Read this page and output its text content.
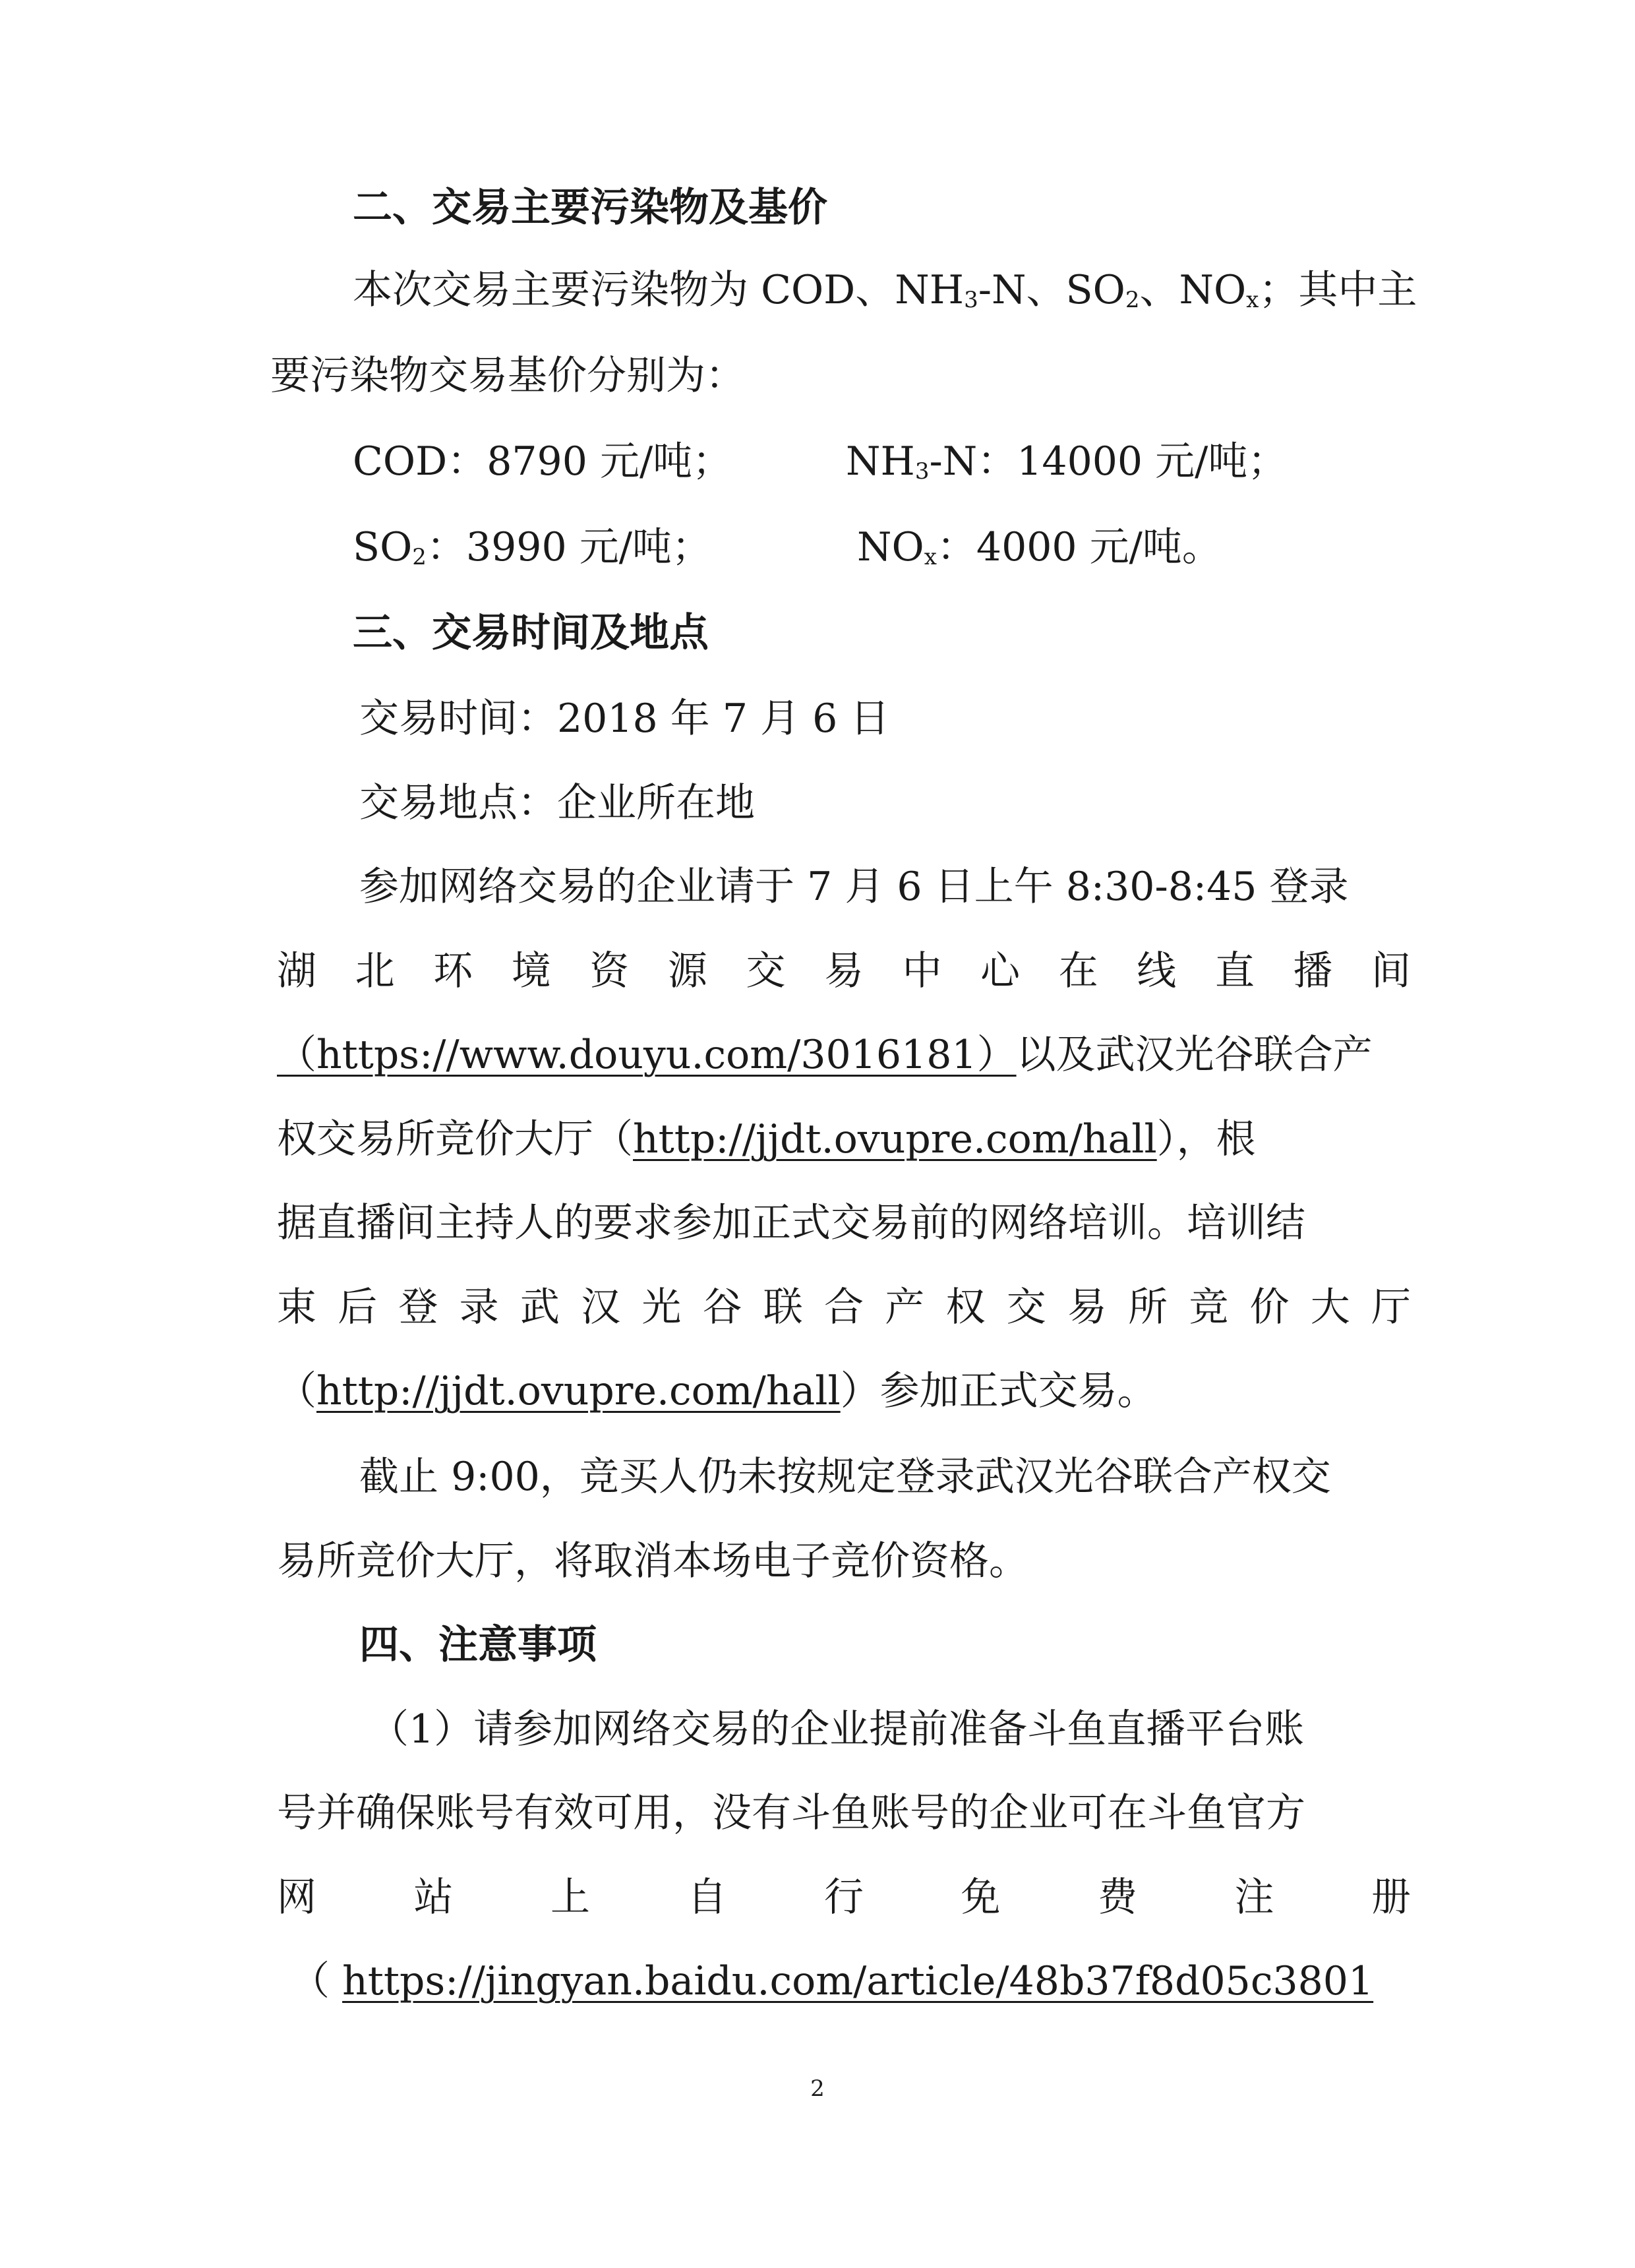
二、交易主要污染物及基价
本次交易主要污染物为 COD、$NH_3-N$、$SO_2$、$NO_x$；其中主
要污染物交易基价分别为：
COD：8790 元/吨；	$NH_3-N$：14000 元/吨；
$SO_2$：3990 元/吨；	$NO_x$：4000 元/吨。
三、交易时间及地点
交易时间：2018 年 7 月 6 日
交易地点：企业所在地
参加网络交易的企业请于 7 月 6 日上午 8:30-8:45 登录
湖北环境资源交易中心在线直播间
（https://www.douyu.com/3016181）以及武汉光谷联合产
权交易所竞价大厅（http://jjdt.ovupre.com/hall），根
据直播间主持人的要求参加正式交易前的网络培训。培训结
束后登录武汉光谷联合产权交易所竞价大厅
（http://jjdt.ovupre.com/hall）参加正式交易。
截止 9:00，竞买人仍未按规定登录武汉光谷联合产权交
易所竞价大厅，将取消本场电子竞价资格。
四、注意事项
（1）请参加网络交易的企业提前准备斗鱼直播平台账
号并确保账号有效可用，没有斗鱼账号的企业可在斗鱼官方
网站上自行免费注册
（ https://jingyan.baidu.com/article/48b37f8d05c3801
2
